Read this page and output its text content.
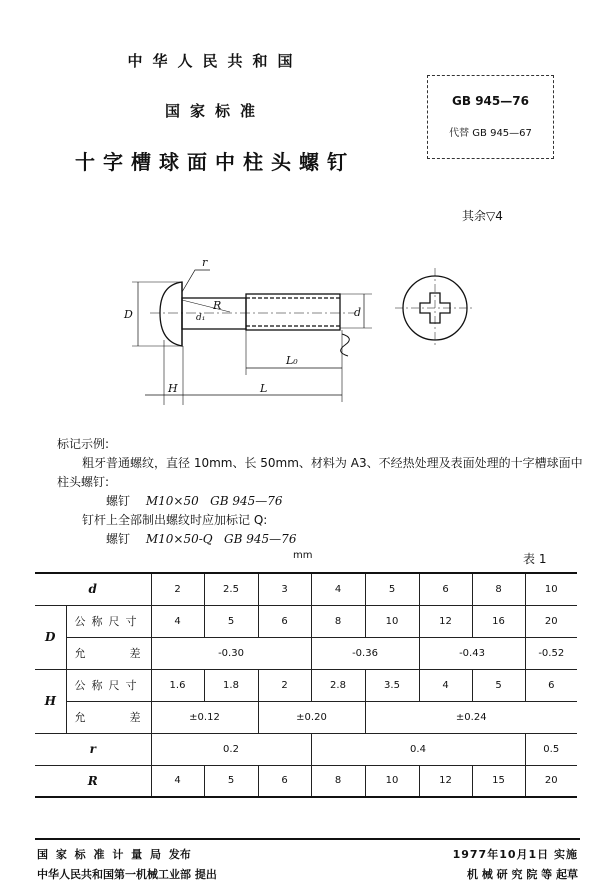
中华人民共和国
国家标准
十字槽球面中柱头螺钉
GB 945—76
代替 GB 945—67
其余▽4
r
R
D	d₁	d
L₀
H	L
标记示例:
粗牙普通螺纹，直径 10mm、长 50mm、材料为 A3、不经热处理及表面处理的十字槽球面中
柱头螺钉:
螺钉 M10×50   GB 945—76
钉杆上全部制出螺纹时应加标记 Q:
螺钉 M10×50-Q   GB 945—76
mm	表 1
d		2	2.5	3	4	5	6	8	10
D	公称尺寸	4	5	6	8	10	12	16	20
	允    差	-0.30			-0.36		-0.43		-0.52
H	公称尺寸	1.6	1.8	2	2.8	3.5	4	5	6
	允    差	±0.12		±0.20		±0.24			
r		0.2			0.4				0.5
R		4	5	6	8	10	12	15	20
国 家 标 准 计 量 局 发布
中华人民共和国第一机械工业部 提出
1977年10月1日 实施
机 械 研 究 院 等 起草
